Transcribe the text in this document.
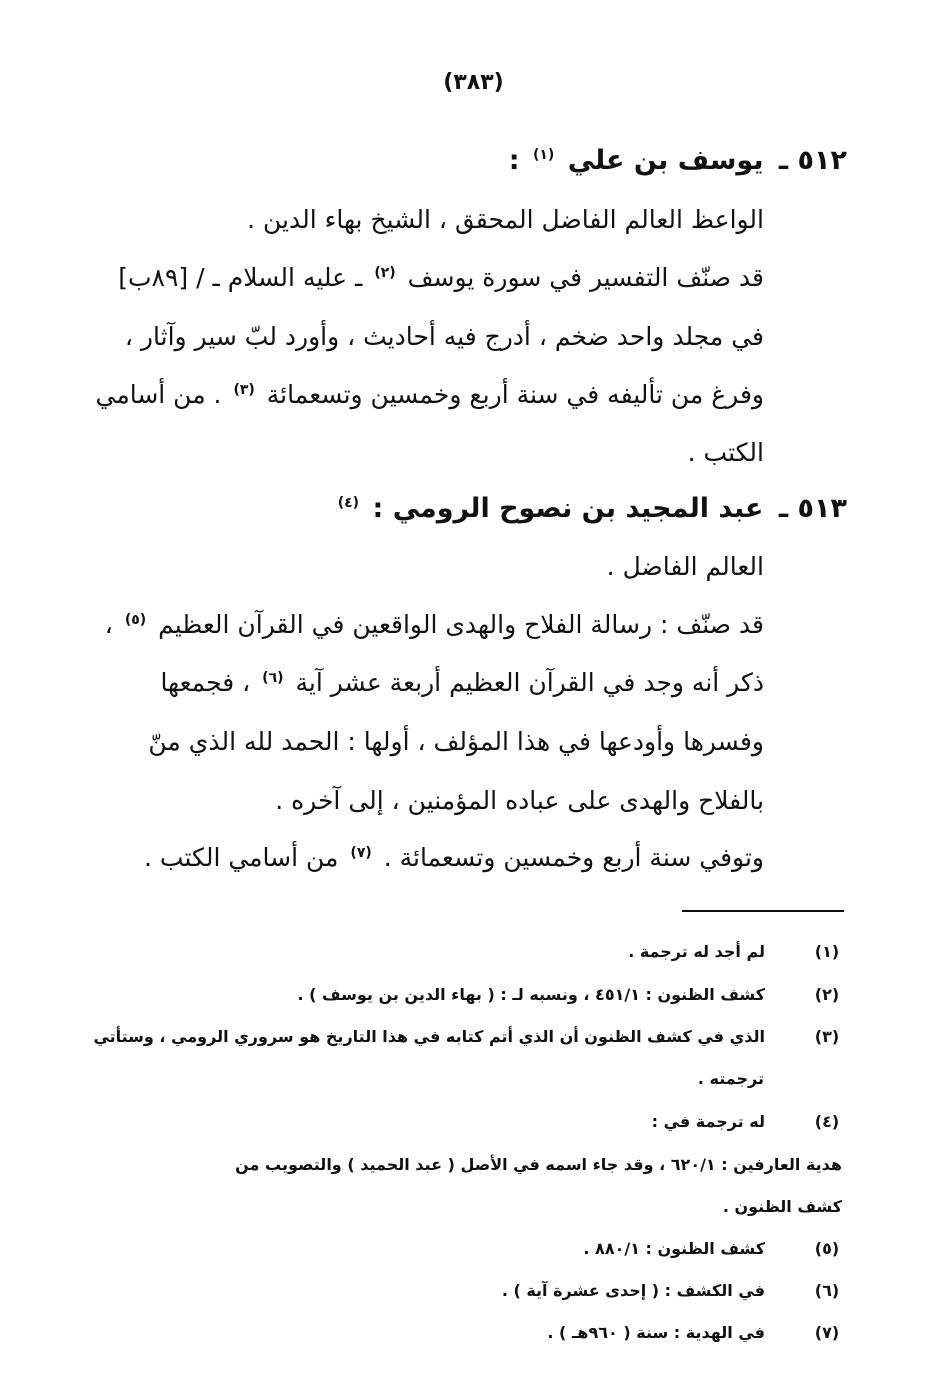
(٣٨٣)
٥١٢ ـ يوسف بن علي $^{(١)}$ :
الواعظ العالم الفاضل المحقق ، الشيخ بهاء الدين .
قد صنّف التفسير في سورة يوسف $^{(٢)}$ ـ عليه السلام ـ / [٨٩ب]
في مجلد واحد ضخم ، أدرج فيه أحاديث ، وأورد لبّ سير وآثار ،
وفرغ من تأليفه في سنة أربع وخمسين وتسعمائة $^{(٣)}$ . من أسامي
الكتب .
٥١٣ ـ عبد المجيد بن نصوح الرومي : $^{(٤)}$
العالم الفاضل .
قد صنّف : رسالة الفلاح والهدى الواقعين في القرآن العظيم $^{(٥)}$ ،
ذكر أنه وجد في القرآن العظيم أربعة عشر آية $^{(٦)}$ ، فجمعها
وفسرها وأودعها في هذا المؤلف ، أولها : الحمد لله الذي منّ
بالفلاح والهدى على عباده المؤمنين ، إلى آخره .
وتوفي سنة أربع وخمسين وتسعمائة . $^{(٧)}$ من أسامي الكتب .
(١)
لم أجد له ترجمة .
(٢)
كشف الظنون : ٤٥١/١ ، ونسبه لـ : ( بهاء الدين بن يوسف ) .
(٣)
الذي في كشف الظنون أن الذي أتم كتابه في هذا التاريخ هو سروري الرومي ، وستأتي
ترجمته .
(٤)
له ترجمة في :
هدية العارفين : ٦٢٠/١ ، وقد جاء اسمه في الأصل ( عبد الحميد ) والتصويب من
كشف الظنون .
(٥)
كشف الظنون : ٨٨٠/١ .
(٦)
في الكشف : ( إحدى عشرة آية ) .
(٧)
في الهدية : سنة ( ٩٦٠هـ ) .
